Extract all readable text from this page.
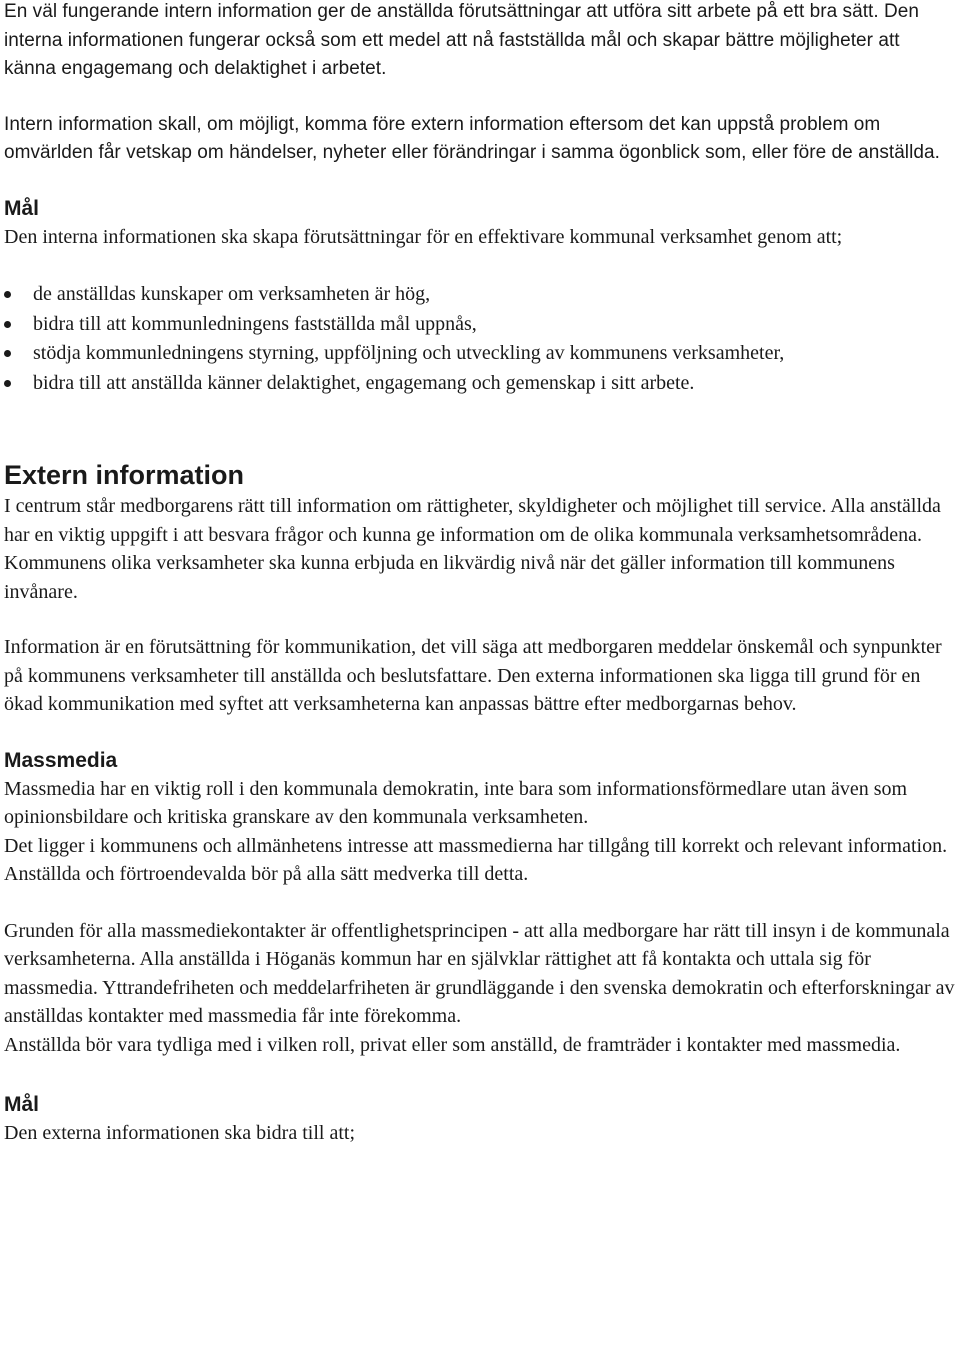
En väl fungerande intern information ger de anställda förutsättningar att utföra sitt arbete på ett bra sätt. Den interna informationen fungerar också som ett medel att nå fastställda mål och skapar bättre möjligheter att känna engagemang och delaktighet i arbetet.

Intern information skall, om möjligt, komma före extern information eftersom det kan uppstå problem om omvärlden får vetskap om händelser, nyheter eller förändringar i samma ögonblick som, eller före de anställda.

Mål

Den interna informationen ska skapa förutsättningar för en effektivare kommunal verksamhet genom att;

de anställdas kunskaper om verksamheten är hög,
bidra till att kommunledningens fastställda mål uppnås,
stödja kommunledningens styrning, uppföljning och utveckling av kommunens verksamheter,
bidra till att anställda känner delaktighet, engagemang och gemenskap i sitt arbete.
Extern information

I centrum står medborgarens rätt till information om rättigheter, skyldigheter och möjlighet till service. Alla anställda har en viktig uppgift i att besvara frågor och kunna ge information om de olika kommunala verksamhetsområdena. Kommunens olika verksamheter ska kunna erbjuda en likvärdig nivå när det gäller information till kommunens invånare.

Information är en förutsättning för kommunikation, det vill säga att medborgaren meddelar önskemål och synpunkter på kommunens verksamheter till anställda och beslutsfattare. Den externa informationen ska ligga till grund för en ökad kommunikation med syftet att verksamheterna kan anpassas bättre efter medborgarnas behov.

Massmedia

Massmedia har en viktig roll i den kommunala demokratin, inte bara som informationsförmedlare utan även som opinionsbildare och kritiska granskare av den kommunala verksamheten.

Det ligger i kommunens och allmänhetens intresse att massmedierna har tillgång till korrekt och relevant information. Anställda och förtroendevalda bör på alla sätt medverka till detta.

Grunden för alla massmediekontakter är offentlighetsprincipen - att alla medborgare har rätt till insyn i de kommunala verksamheterna. Alla anställda i Höganäs kommun har en självklar rättighet att få kontakta och uttala sig för massmedia. Yttrandefriheten och meddelarfriheten är grundläggande i den svenska demokratin och efterforskningar av anställdas kontakter med massmedia får inte förekomma.

Anställda bör vara tydliga med i vilken roll, privat eller som anställd, de framträder i kontakter med massmedia.

Mål

Den externa informationen ska bidra till att;
